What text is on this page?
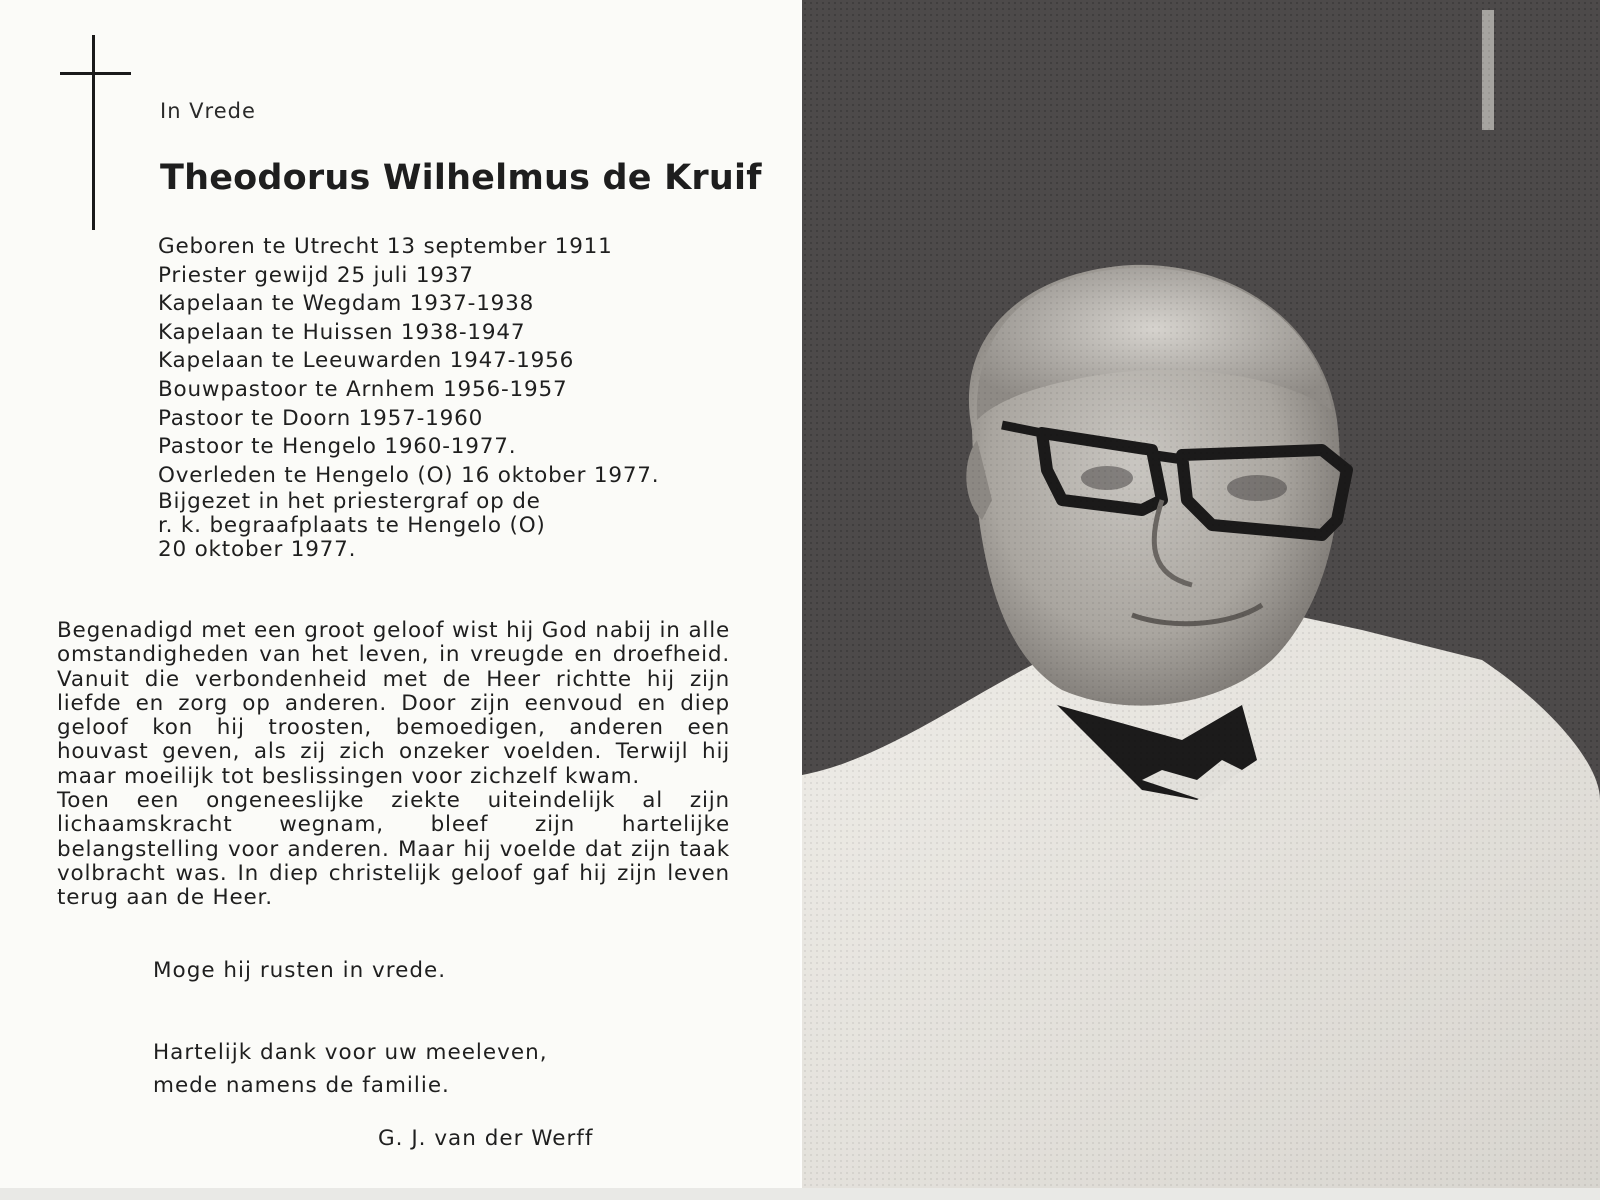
In Vrede
Theodorus Wilhelmus de Kruif
Geboren te Utrecht 13 september 1911
Priester gewijd 25 juli 1937
Kapelaan te Wegdam 1937-1938
Kapelaan te Huissen 1938-1947
Kapelaan te Leeuwarden 1947-1956
Bouwpastoor te Arnhem 1956-1957
Pastoor te Doorn 1957-1960
Pastoor te Hengelo 1960-1977.
Overleden te Hengelo (O) 16 oktober 1977.
Bijgezet in het priestergraf op de
r. k. begraafplaats te Hengelo (O)
20 oktober 1977.

Begenadigd met een groot geloof wist hij God nabij in alle omstandigheden van het leven, in vreugde en droefheid. Vanuit die verbondenheid met de Heer richtte hij zijn liefde en zorg op anderen. Door zijn eenvoud en diep geloof kon hij troosten, bemoedigen, anderen een houvast geven, als zij zich onzeker voelden. Terwijl hij maar moeilijk tot beslissingen voor zichzelf kwam.

Toen een ongeneeslijke ziekte uiteindelijk al zijn lichaamskracht wegnam, bleef zijn hartelijke belangstelling voor anderen. Maar hij voelde dat zijn taak volbracht was. In diep christelijk geloof gaf hij zijn leven terug aan de Heer.

Moge hij rusten in vrede.
Hartelijk dank voor uw meeleven,
mede namens de familie.
G. J. van der Werff
